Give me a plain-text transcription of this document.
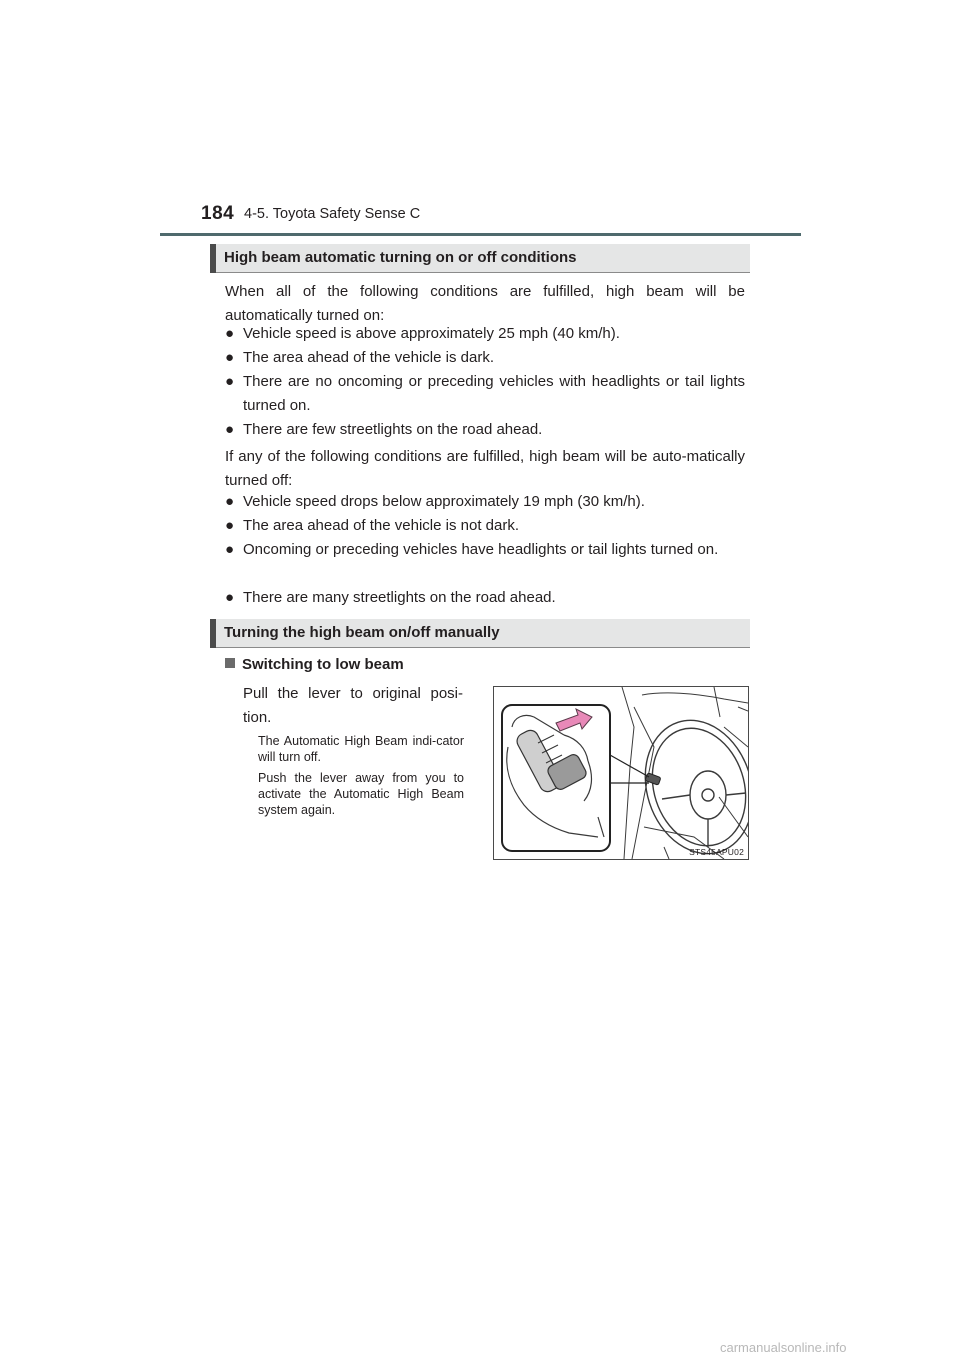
184 4-5. Toyota Safety Sense C
High beam automatic turning on or off conditions
When all of the following conditions are fulfilled, high beam will be automatically turned on:
● Vehicle speed is above approximately 25 mph (40 km/h).
● The area ahead of the vehicle is dark.
● There are no oncoming or preceding vehicles with headlights or tail lights turned on.
● There are few streetlights on the road ahead.
If any of the following conditions are fulfilled, high beam will be auto-matically turned off:
● Vehicle speed drops below approximately 19 mph (30 km/h).
● The area ahead of the vehicle is not dark.
● Oncoming or preceding vehicles have headlights or tail lights turned on.
● There are many streetlights on the road ahead.
Turning the high beam on/off manually
Switching to low beam
Pull the lever to original posi-tion.
The Automatic High Beam indi-cator will turn off.
Push the lever away from you to activate the Automatic High Beam system again.
STS45APU02
carmanualsonline.info
